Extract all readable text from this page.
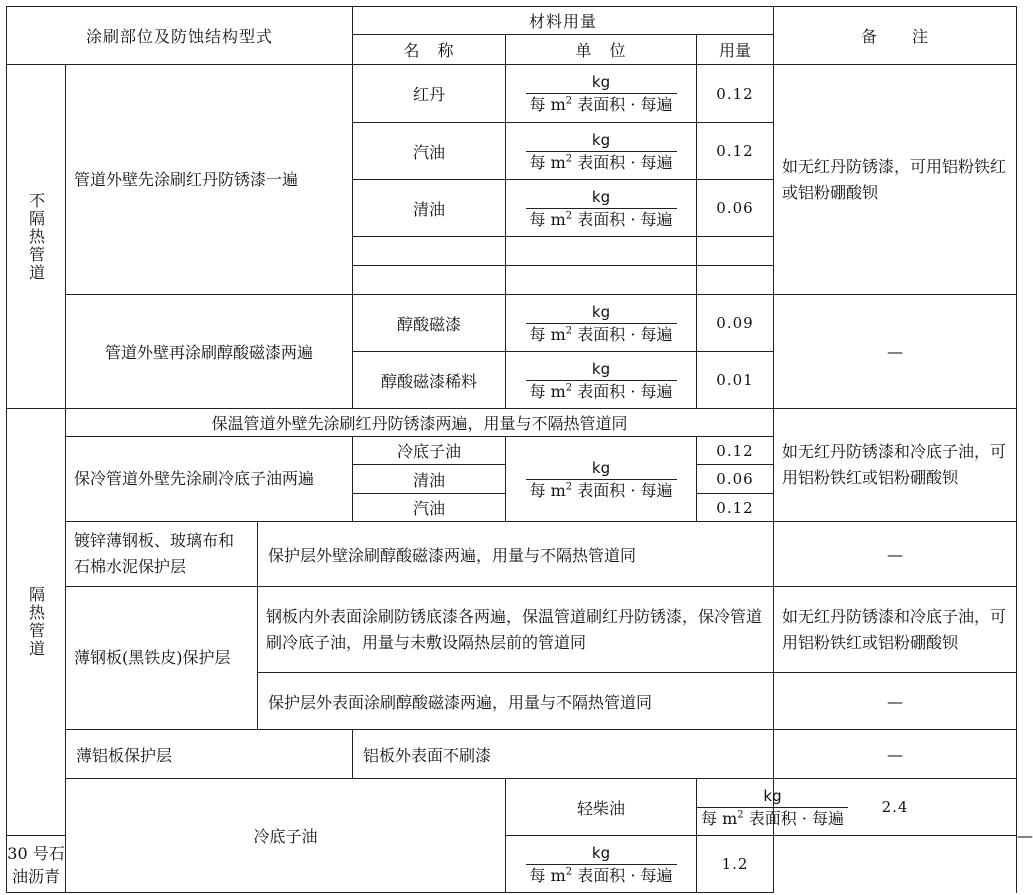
涂刷部位及防蚀结构型式			材料用量			备　　注	
			名　称	单　位	用量		
不隔热管道	管道外壁先涂刷红丹防锈漆一遍		红丹	kg
每 $m^2$ 表面积 · 每遍	0.12	如无红丹防锈漆，可用铝粉铁红或铝粉硼酸钡	
			汽油	kg
每 $m^2$ 表面积 · 每遍	0.12		
			清油	kg
每 $m^2$ 表面积 · 每遍	0.06		

	管道外壁再涂刷醇酸磁漆两遍		醇酸磁漆	kg
每 $m^2$ 表面积 · 每遍	0.09	—	
			醇酸磁漆稀料	kg
每 $m^2$ 表面积 · 每遍	0.01		
隔热管道	保温管道外壁先涂刷红丹防锈漆两遍，用量与不隔热管道同					如无红丹防锈漆和冷底子油，可用铝粉铁红或铝粉硼酸钡	
	保冷管道外壁先涂刷冷底子油两遍		冷底子油	kg
每 $m^2$ 表面积 · 每遍	0.12		
			清油		0.06		
			汽油		0.12		
	镀锌薄钢板、玻璃布和石棉水泥保护层	保护层外壁涂刷醇酸磁漆两遍，用量与不隔热管道同				—	
	薄钢板(黑铁皮)保护层	钢板内外表面涂刷防锈底漆各两遍，保温管道刷红丹防锈漆，保冷管道刷冷底子油，用量与未敷设隔热层前的管道同				如无红丹防锈漆和冷底子油，可用铝粉铁红或铝粉硼酸钡	
		保护层外表面涂刷醇酸磁漆两遍，用量与不隔热管道同				—	
	薄铝板保护层		铝板外表面不刷漆			—	
	冷底子油			轻柴油	kg
每 $m^2$ 表面积 · 每遍	2.4	—
30 号石油沥青				kg
每 $m^2$ 表面积 · 每遍	1.2		
